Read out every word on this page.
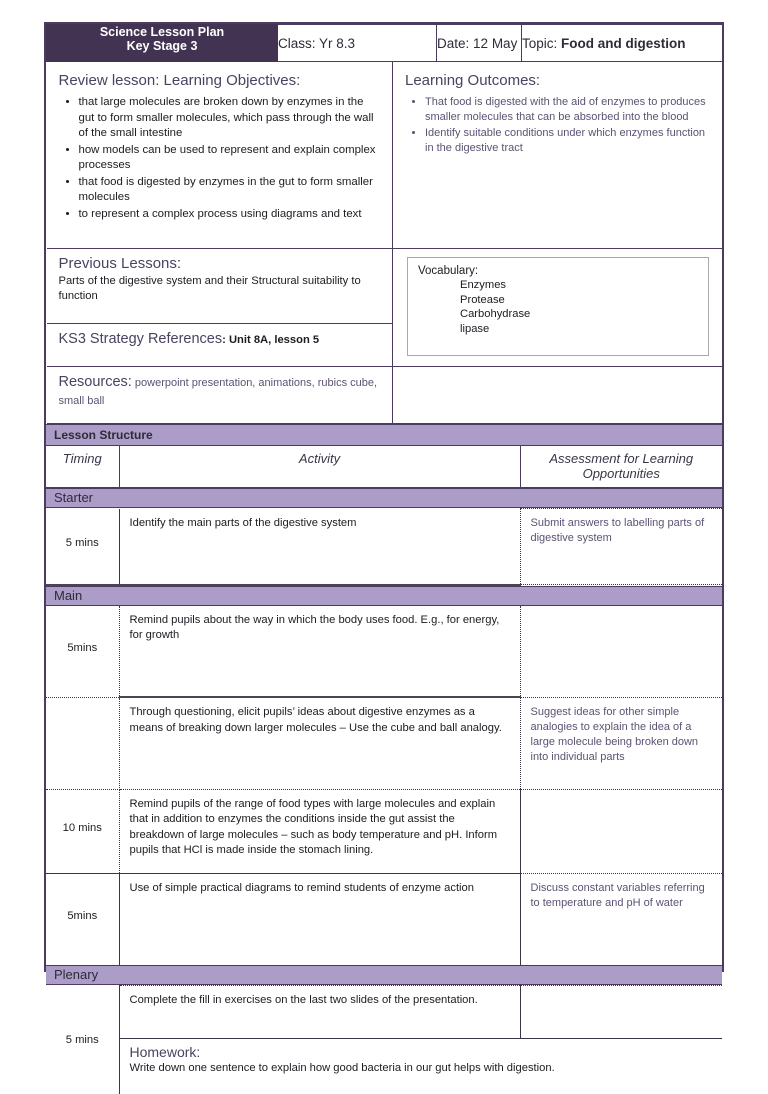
Science Lesson Plan
Key Stage 3	Class: Yr 8.3		Date: 12 May	Topic: Food and digestion

Review lesson: Learning Objectives:
• that large molecules are broken down by enzymes in the gut to form smaller molecules, which pass through the wall of the small intestine
• how models can be used to represent and explain complex processes
• that food is digested by enzymes in the gut to form smaller molecules
• to represent a complex process using diagrams and text

Learning Outcomes:
• That food is digested with the aid of enzymes to produces smaller molecules that can be absorbed into the blood
• Identify suitable conditions under which enzymes function in the digestive tract

Previous Lessons:
Parts of the digestive system and their Structural suitability to function

Vocabulary:
Enzymes
Protease
Carbohydrase
lipase

KS3 Strategy References: Unit 8A, lesson 5				
Resources: powerpoint presentation, animations, rubics cube, small ball				
Lesson Structure
Timing	Activity	Assessment for Learning
Opportunities

Starter		

5 mins	Identify the main parts of the digestive system	Submit answers to labelling parts of digestive system

Main		

5mins	Remind pupils about the way in which the body uses food. E.g., for energy, for growth	
	Through questioning, elicit pupils’ ideas about digestive enzymes as a means of breaking down larger molecules – Use the cube and ball analogy.	Suggest ideas for other simple analogies to explain the idea of a large molecule being broken down into individual parts
10 mins	Remind pupils of the range of food types with large molecules and explain that in addition to enzymes the conditions inside the gut assist the breakdown of large molecules – such as body temperature and pH. Inform pupils that HCl is made inside the stomach lining.	
5mins	Use of simple practical diagrams to remind students of enzyme action	Discuss constant variables referring to temperature and pH of water

Plenary		

5 mins	Complete the fill in exercises on the last two slides of the presentation.	

	Homework:
Write down one sentence to explain how good bacteria in our gut helps with digestion.	
